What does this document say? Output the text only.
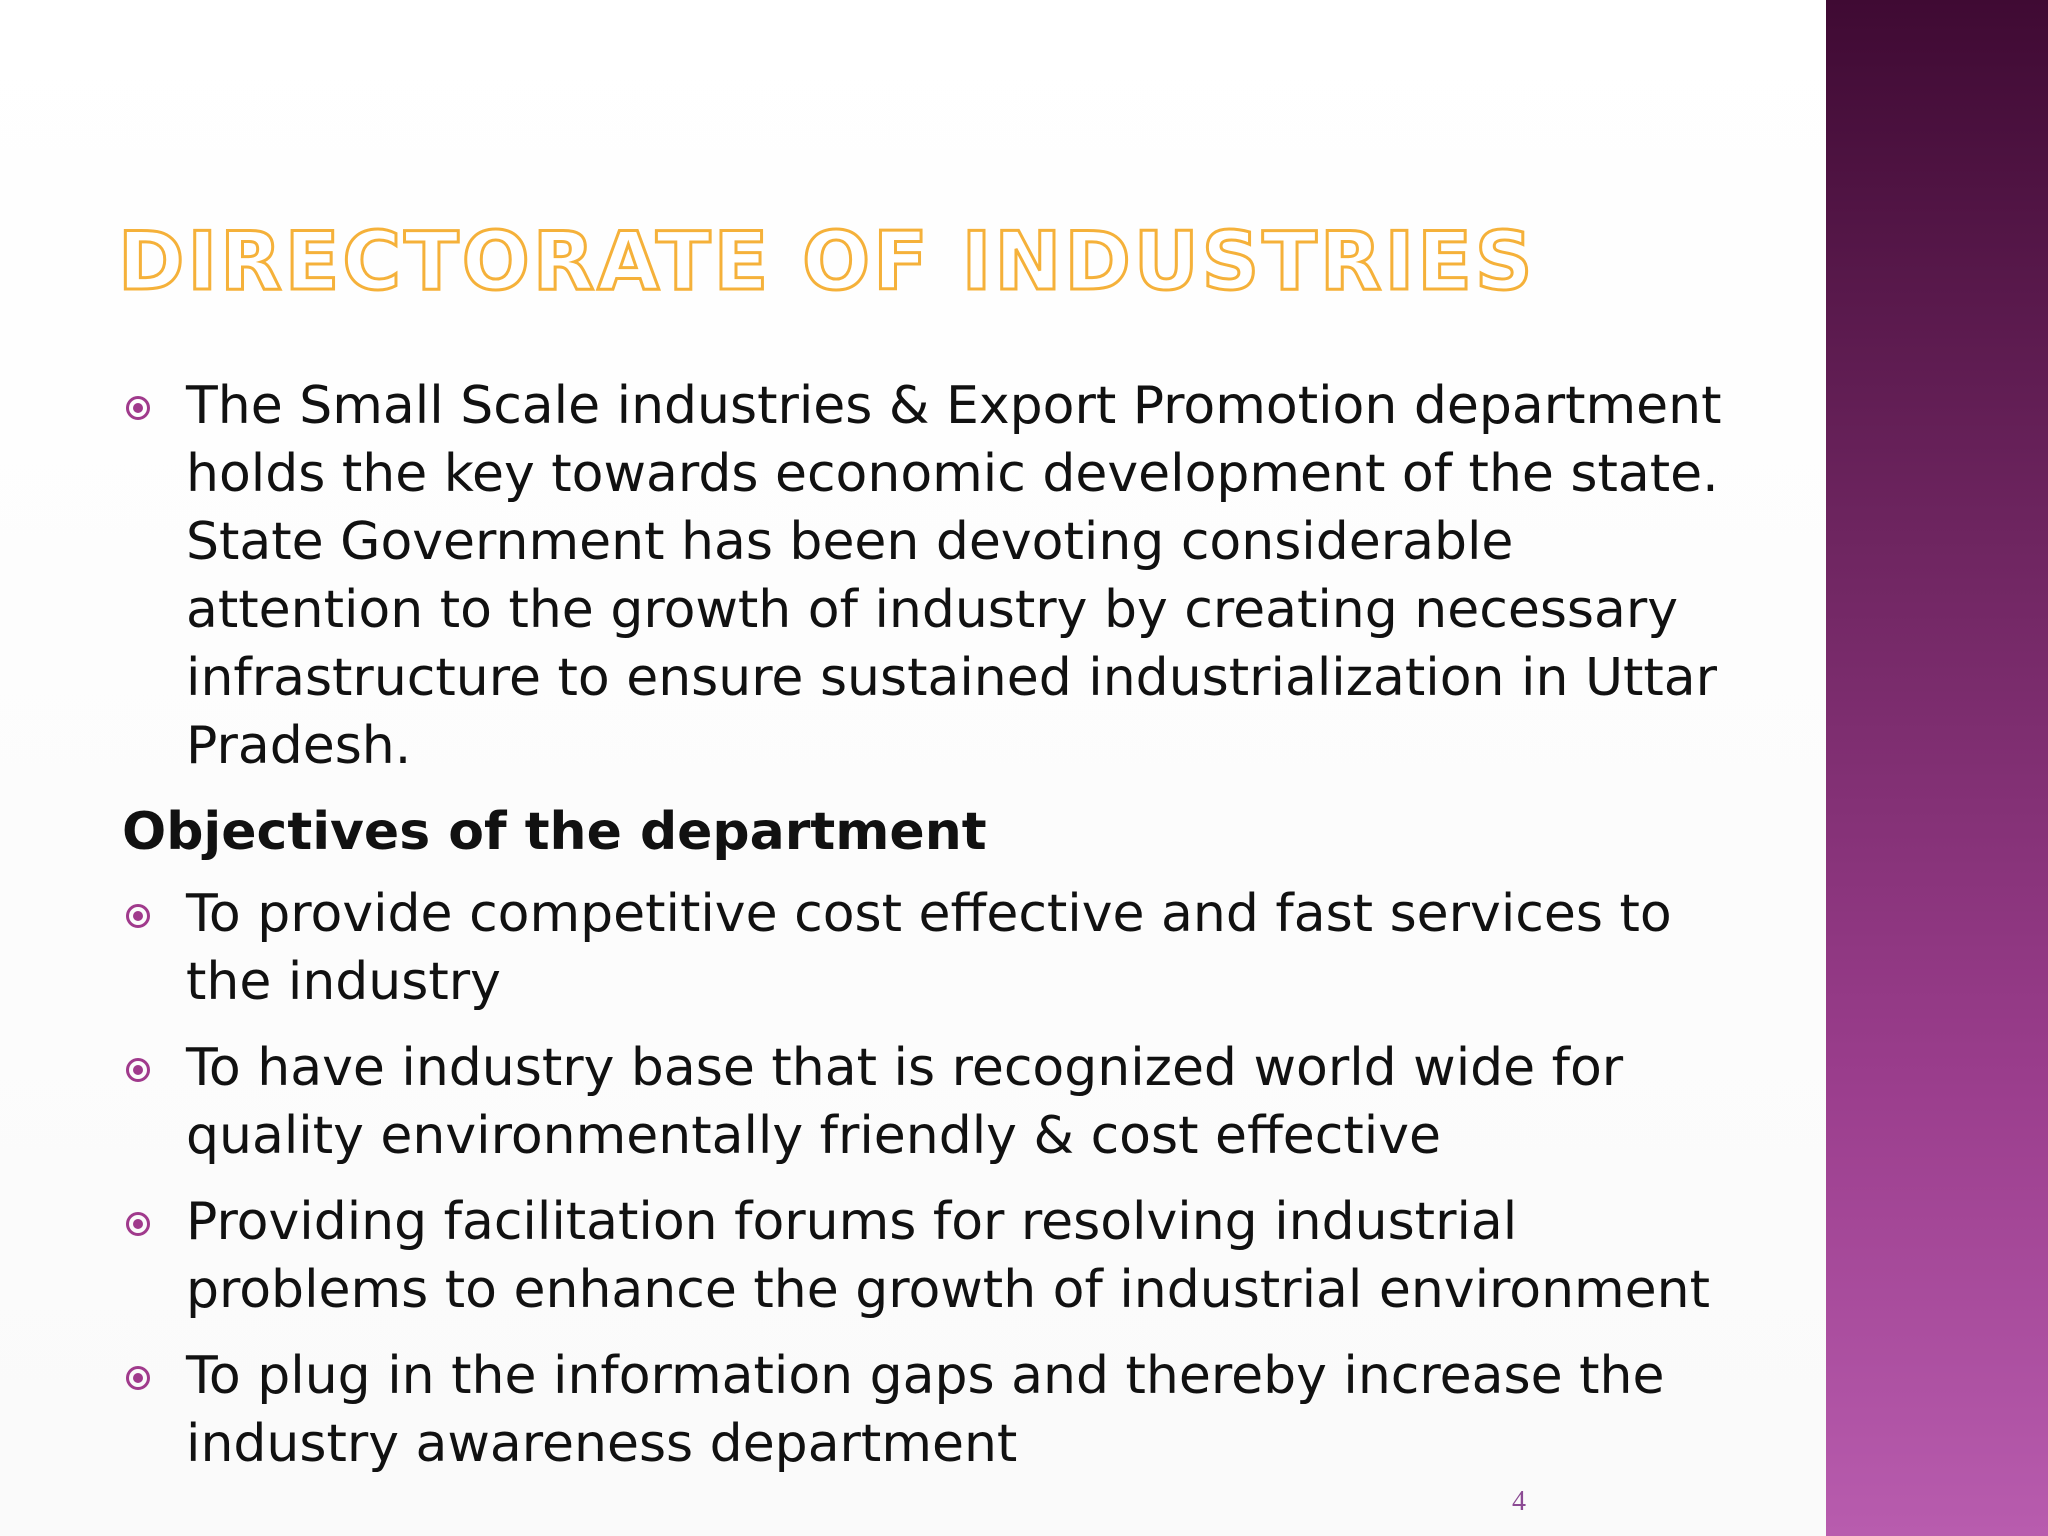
DIRECTORATE OF INDUSTRIES
The Small Scale industries & Export Promotion department holds the key towards economic development of the state. State Government has been devoting considerable attention to the growth of industry by creating necessary infrastructure to ensure sustained industrialization in Uttar Pradesh.
Objectives of the department
To provide competitive cost effective and fast services to the industry
To have industry base that is recognized world wide for quality environmentally friendly & cost effective
Providing facilitation forums for resolving industrial problems to enhance the growth of industrial environment
To plug in the information gaps and thereby increase the industry awareness department
4
